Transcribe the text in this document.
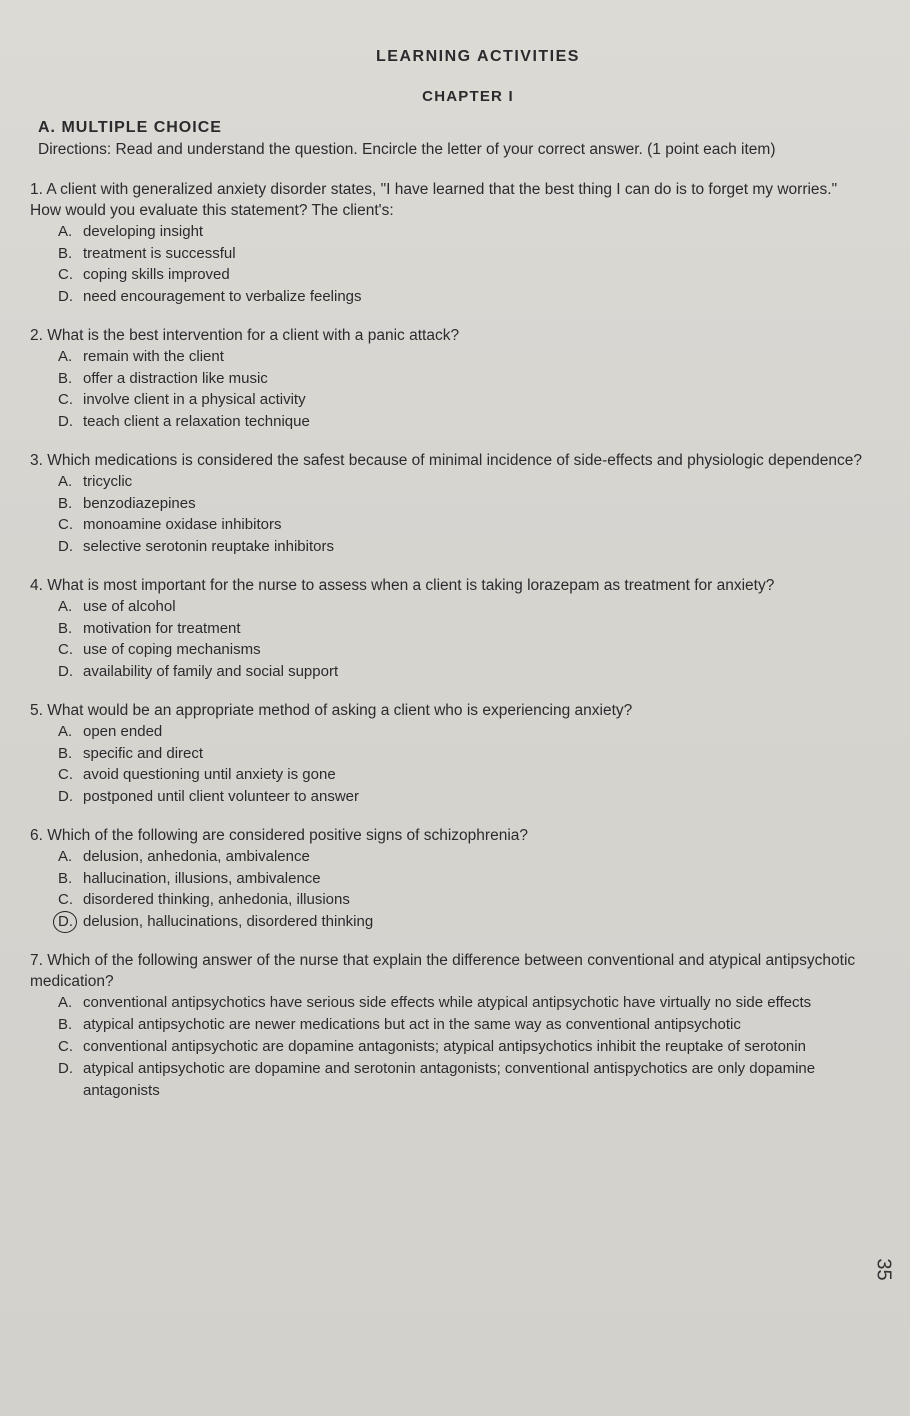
LEARNING ACTIVITIES
CHAPTER I
A. MULTIPLE CHOICE
Directions: Read and understand the question. Encircle the letter of your correct answer. (1 point each item)
1. A client with generalized anxiety disorder states, "I have learned that the best thing I can do is to forget my worries." How would you evaluate this statement? The client's:
A. developing insight
B. treatment is successful
C. coping skills improved
D. need encouragement to verbalize feelings
2. What is the best intervention for a client with a panic attack?
A. remain with the client
B. offer a distraction like music
C. involve client in a physical activity
D. teach client a relaxation technique
3. Which medications is considered the safest because of minimal incidence of side-effects and physiologic dependence?
A. tricyclic
B. benzodiazepines
C. monoamine oxidase inhibitors
D. selective serotonin reuptake inhibitors
4. What is most important for the nurse to assess when a client is taking lorazepam as treatment for anxiety?
A. use of alcohol
B. motivation for treatment
C. use of coping mechanisms
D. availability of family and social support
5. What would be an appropriate method of asking a client who is experiencing anxiety?
A. open ended
B. specific and direct
C. avoid questioning until anxiety is gone
D. postponed until client volunteer to answer
6. Which of the following are considered positive signs of schizophrenia?
A. delusion, anhedonia, ambivalence
B. hallucination, illusions, ambivalence
C. disordered thinking, anhedonia, illusions
D. delusion, hallucinations, disordered thinking
7. Which of the following answer of the nurse that explain the difference between conventional and atypical antipsychotic medication?
A. conventional antipsychotics have serious side effects while atypical antipsychotic have virtually no side effects
B. atypical antipsychotic are newer medications but act in the same way as conventional antipsychotic
C. conventional antipsychotic are dopamine antagonists; atypical antipsychotics inhibit the reuptake of serotonin
D. atypical antipsychotic are dopamine and serotonin antagonists; conventional antispychotics are only dopamine antagonists
35
